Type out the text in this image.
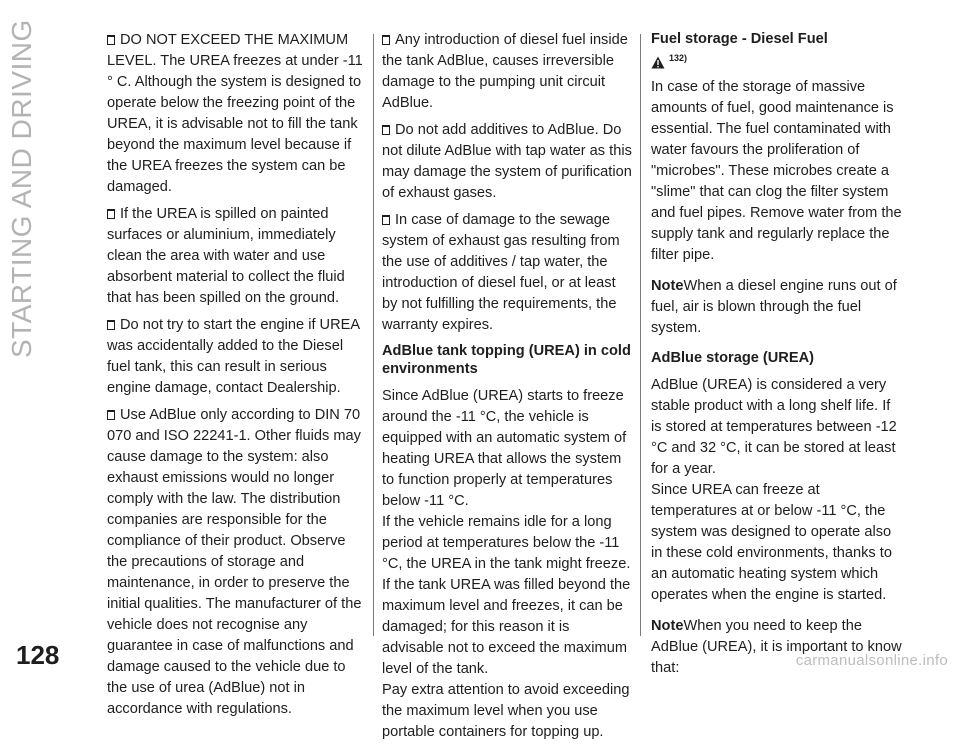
STARTING AND DRIVING	DO NOT EXCEED THE MAXIMUM LEVEL. The UREA freezes at under -11 ° C. Although the system is designed to operate below the freezing point of the UREA, it is advisable not to fill the tank beyond the maximum level because if the UREA freezes the system can be damaged.

If the UREA is spilled on painted surfaces or aluminium, immediately clean the area with water and use absorbent material to collect the fluid that has been spilled on the ground.

Do not try to start the engine if UREA was accidentally added to the Diesel fuel tank, this can result in serious engine damage, contact Dealership.

Use AdBlue only according to DIN 70 070 and ISO 22241-1. Other fluids may cause damage to the system: also exhaust emissions would no longer comply with the law. The distribution companies are responsible for the compliance of their product. Observe the precautions of storage and maintenance, in order to preserve the initial qualities. The manufacturer of the vehicle does not recognise any guarantee in case of malfunctions and damage caused to the vehicle due to the use of urea (AdBlue) not in accordance with regulations.

Any introduction of diesel fuel inside the tank AdBlue, causes irreversible damage to the pumping unit circuit AdBlue.

Do not add additives to AdBlue. Do not dilute AdBlue with tap water as this may damage the system of purification of exhaust gases.

In case of damage to the sewage system of exhaust gas resulting from the use of additives / tap water, the introduction of diesel fuel, or at least by not fulfilling the requirements, the warranty expires.

AdBlue tank topping (UREA) in cold environments

Since AdBlue (UREA) starts to freeze around the -11 °C, the vehicle is equipped with an automatic system of heating UREA that allows the system to function properly at temperatures below -11 °C.

If the vehicle remains idle for a long period at temperatures below the -11 °C, the UREA in the tank might freeze. If the tank UREA was filled beyond the maximum level and freezes, it can be damaged; for this reason it is advisable not to exceed the maximum level of the tank.

Pay extra attention to avoid exceeding the maximum level when you use portable containers for topping up.

Fuel storage - Diesel Fuel
132)

In case of the storage of massive amounts of fuel, good maintenance is essential. The fuel contaminated with water favours the proliferation of "microbes". These microbes create a "slime" that can clog the filter system and fuel pipes. Remove water from the supply tank and regularly replace the filter pipe.

NoteWhen a diesel engine runs out of fuel, air is blown through the fuel system.

AdBlue storage (UREA)

AdBlue (UREA) is considered a very stable product with a long shelf life. If is stored at temperatures between -12 °C and 32 °C, it can be stored at least for a year.

Since UREA can freeze at temperatures at or below -11 °C, the system was designed to operate also in these cold environments, thanks to an automatic heating system which operates when the engine is started.

NoteWhen you need to keep the AdBlue (UREA), it is important to know that:

128	carmanualsonline.info
